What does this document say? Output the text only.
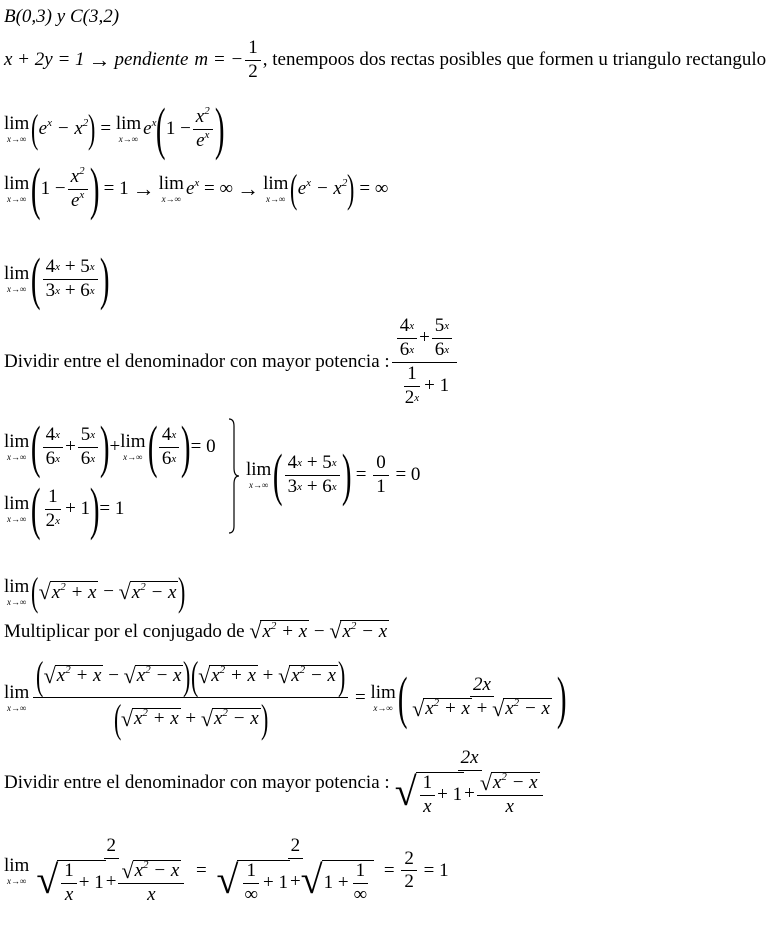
B(0,3) y C(3,2)
x + 2y = 1 → pendiente m = − $\frac{1}{2}$ , tenempoos dos rectas posibles que formen u triangulo rectangulo
lim
x→∞ ( $e^x - x^2$ ) = lim
x→∞ $e^x$ ( $1 - \frac{x^2}{e^x}$ )
lim
x→∞ ( $1 - \frac{x^2}{e^x}$ ) = 1 → lim
x→∞ $e^x$ = ∞ → lim
x→∞ ( $e^x - x^2$ ) = ∞
lim
x→∞ ( $\frac{4 x + 5 x}{3 x + 6 x}$ )
Dividir entre el denominador con mayor potencia : $\frac{\frac{4 x}{6 x} + \frac{5 x}{6 x}}{\frac{1}{2 x} + 1}$
lim
x→∞ ( $\frac{4 x}{6 x} + \frac{5 x}{6 x}$ ) + lim
x→∞ ( $\frac{4 x}{6 x}$ ) = 0
lim
x→∞ ( $\frac{1}{2 x} + 1$ ) = 1
lim
x→∞ ( $\frac{4 x + 5 x}{3 x + 6 x}$ ) = $\frac{0}{1} = 0$
lim
x→∞ ( √ $x^2 + x$ − √ $x^2 - x$ )
Multiplicar por el conjugado de
√ $x^2 + x$ − √ $x^2 - x$
lim
x→∞
( √ $x^2 + x$ − √ $x^2 - x$ ) ( √ $x^2 + x$ + √ $x^2 - x$ )
( √ $x^2 + x$ + √ $x^2 - x$ )	= lim
x→∞ ( $\frac{2x}{√ x^2 + x + √ x^2 - x}$ )
Dividir entre el denominador con mayor potencia : $\frac{2x}{√ \frac{1}{x} + 1 + \frac{√ x^2 - x}{x}}$
lim
$x\to\infty \frac{2}{√ \frac{1}{x} + 1 + \frac{√ x^2 - x}{x}} = \frac{2}{√ \frac{1}{\infty} + 1 + √ 1 + \frac{1}{\infty}} = \frac{2}{2} = 1$
